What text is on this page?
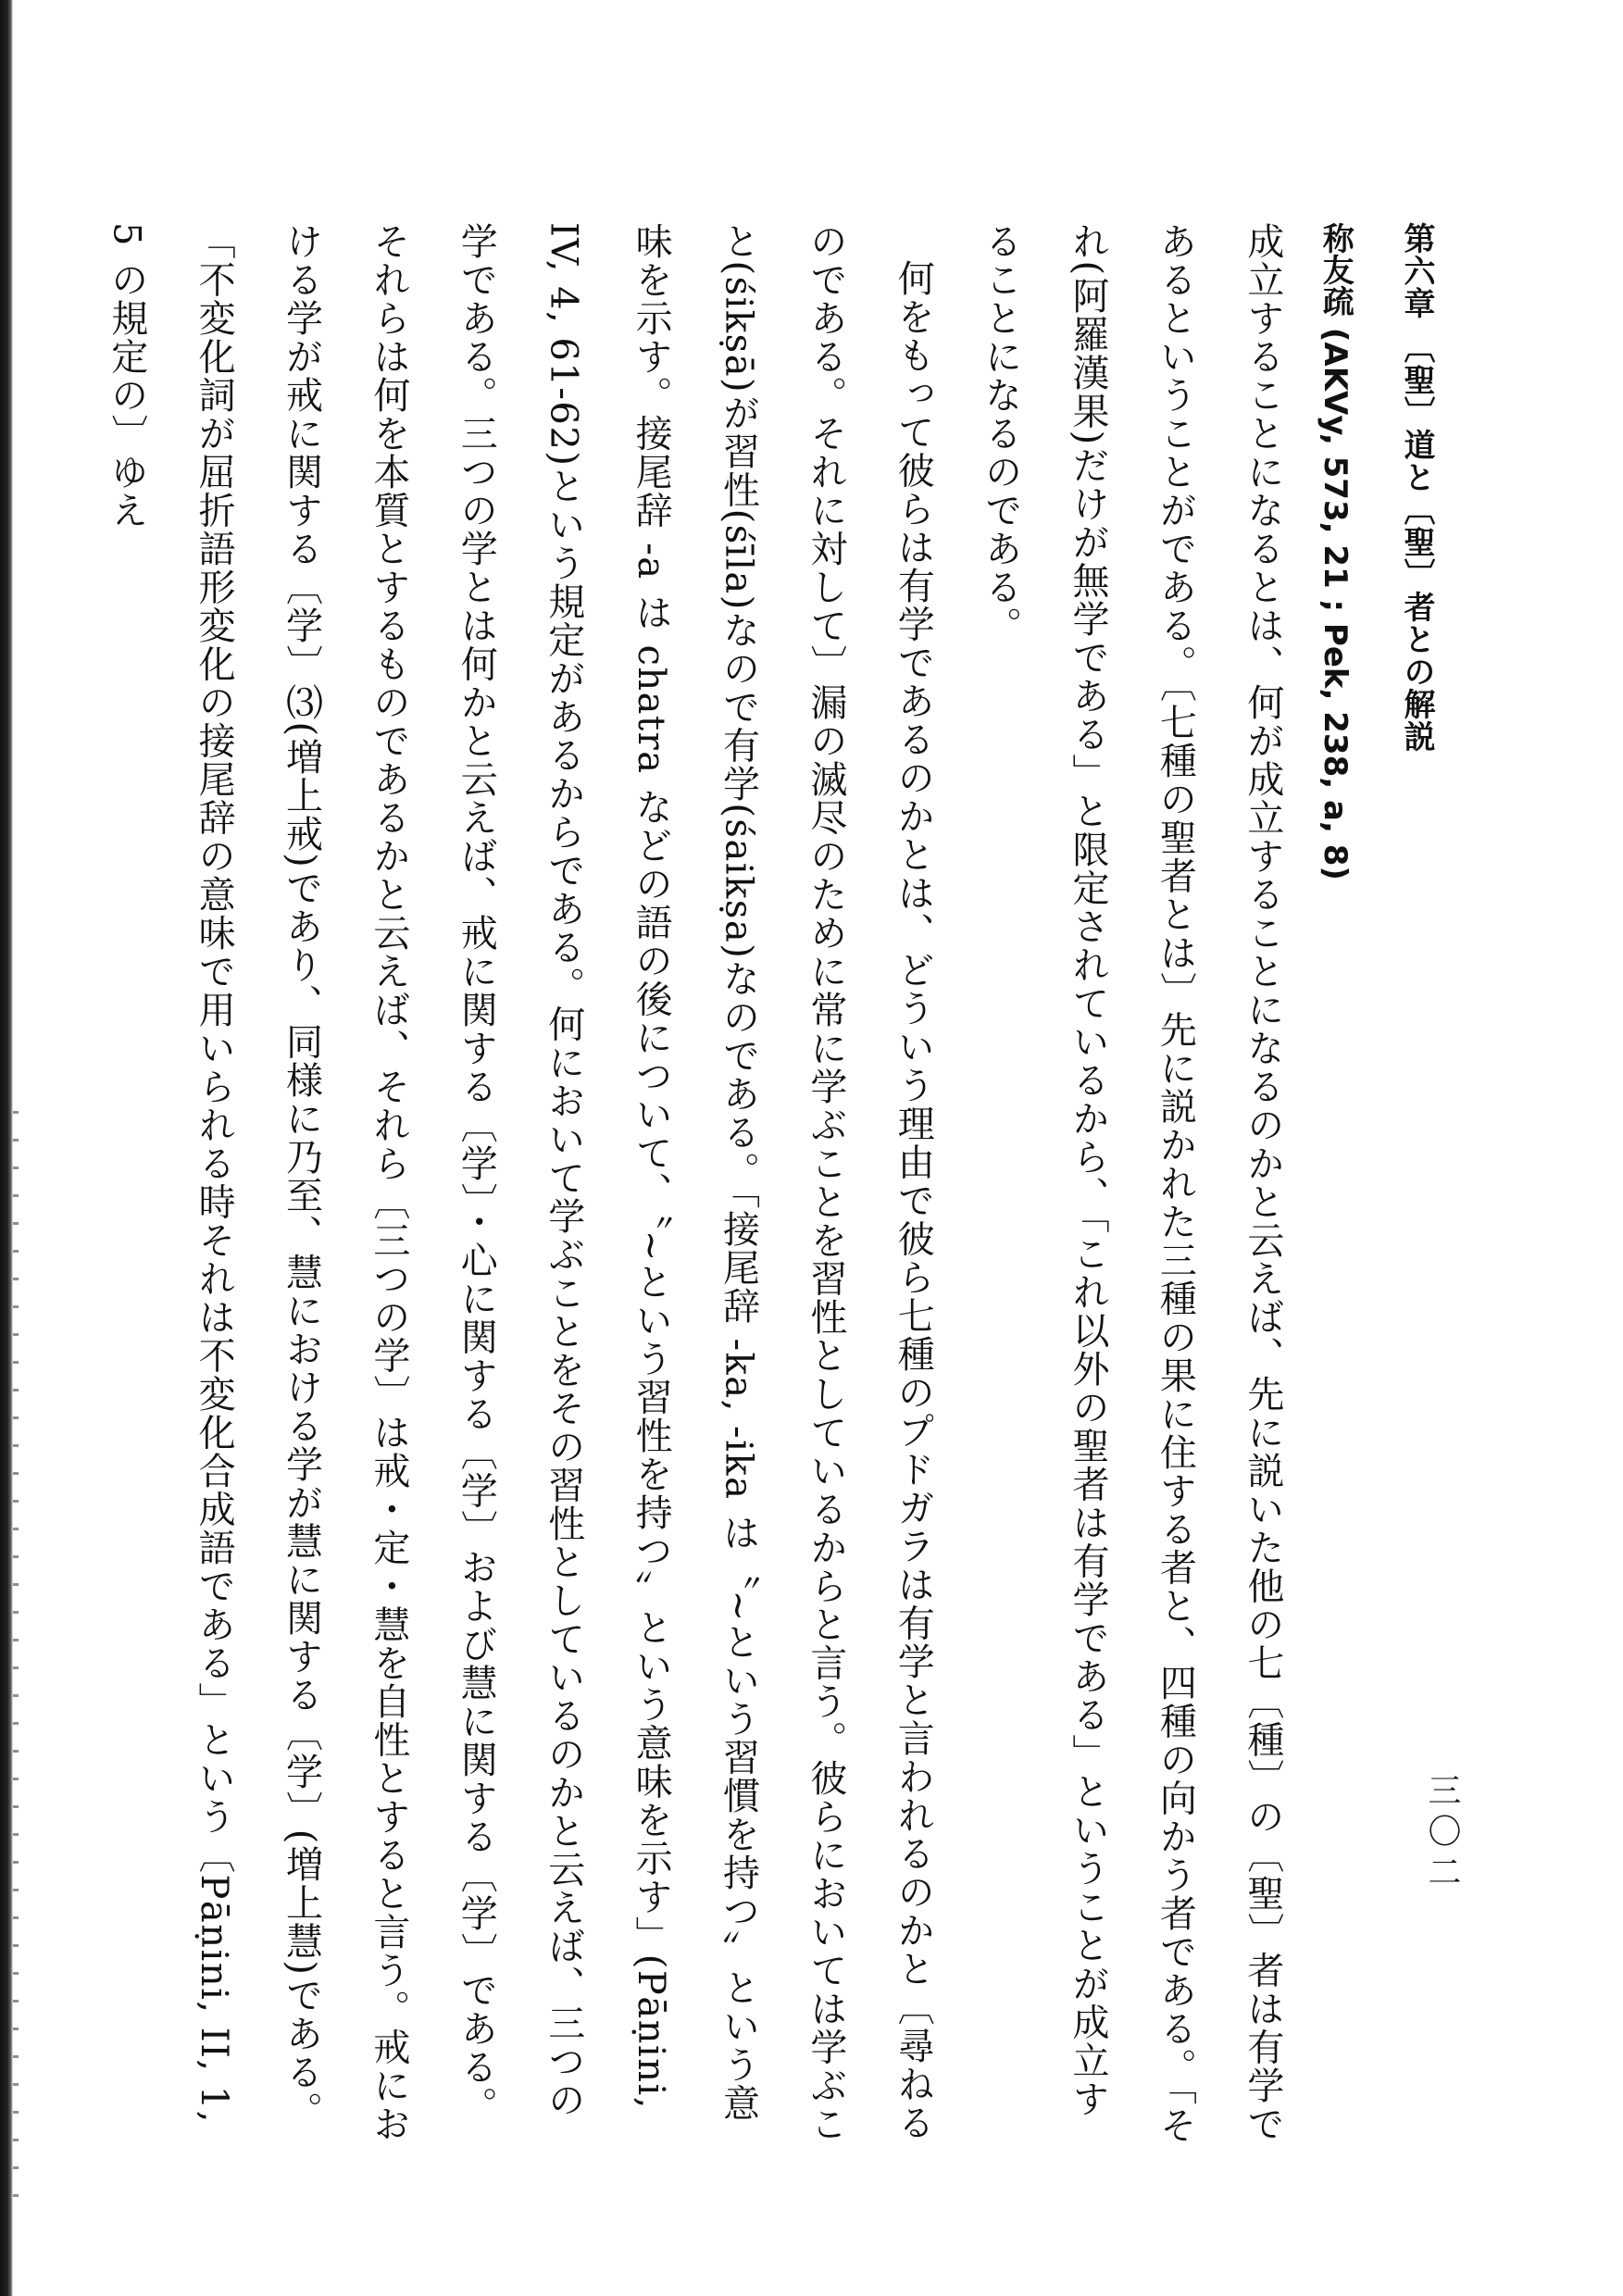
三〇二
第六章 〔聖〕道と〔聖〕者との解説
称友疏 (AKVy, 573, 21 ; Pek, 238, a, 8)

成立することになるとは、何が成立することになるのかと云えば、先に説いた他の七〔種〕の〔聖〕者は有学であるということがである。〔七種の聖者とは〕先に説かれた三種の果に住する者と、四種の向かう者である。「それ(阿羅漢果)だけが無学である」と限定されているから、「これ以外の聖者は有学である」ということが成立することになるのである。

何をもって彼らは有学であるのかとは、どういう理由で彼ら七種のプドガラは有学と言われるのかと〔尋ねるのである。それに対して〕漏の滅尽のために常に学ぶことを習性としているからと言う。彼らにおいては学ぶこと(śikṣā)が習性(śīla)なので有学(śaikṣa)なのである。「接尾辞 -ka, -ika は〝~という習慣を持つ〟という意味を示す。接尾辞 -a は chatra などの語の後について、〝~という習性を持つ〟という意味を示す」(Pāṇini, IV, 4, 61-62)という規定があるからである。何において学ぶことをその習性としているのかと云えば、三つの学である。三つの学とは何かと云えば、戒に関する〔学〕・心に関する〔学〕および慧に関する〔学〕である。それらは何を本質とするものであるかと云えば、それら〔三つの学〕は戒・定・慧を自性とすると言う。戒における学が戒に関する〔学〕⑶(増上戒)であり、同様に乃至、慧における学が慧に関する〔学〕(増上慧)である。「不変化詞が屈折語形変化の接尾辞の意味で用いられる時それは不変化合成語である」という〔Pāṇini, II, 1, 5 の規定の〕ゆえ
